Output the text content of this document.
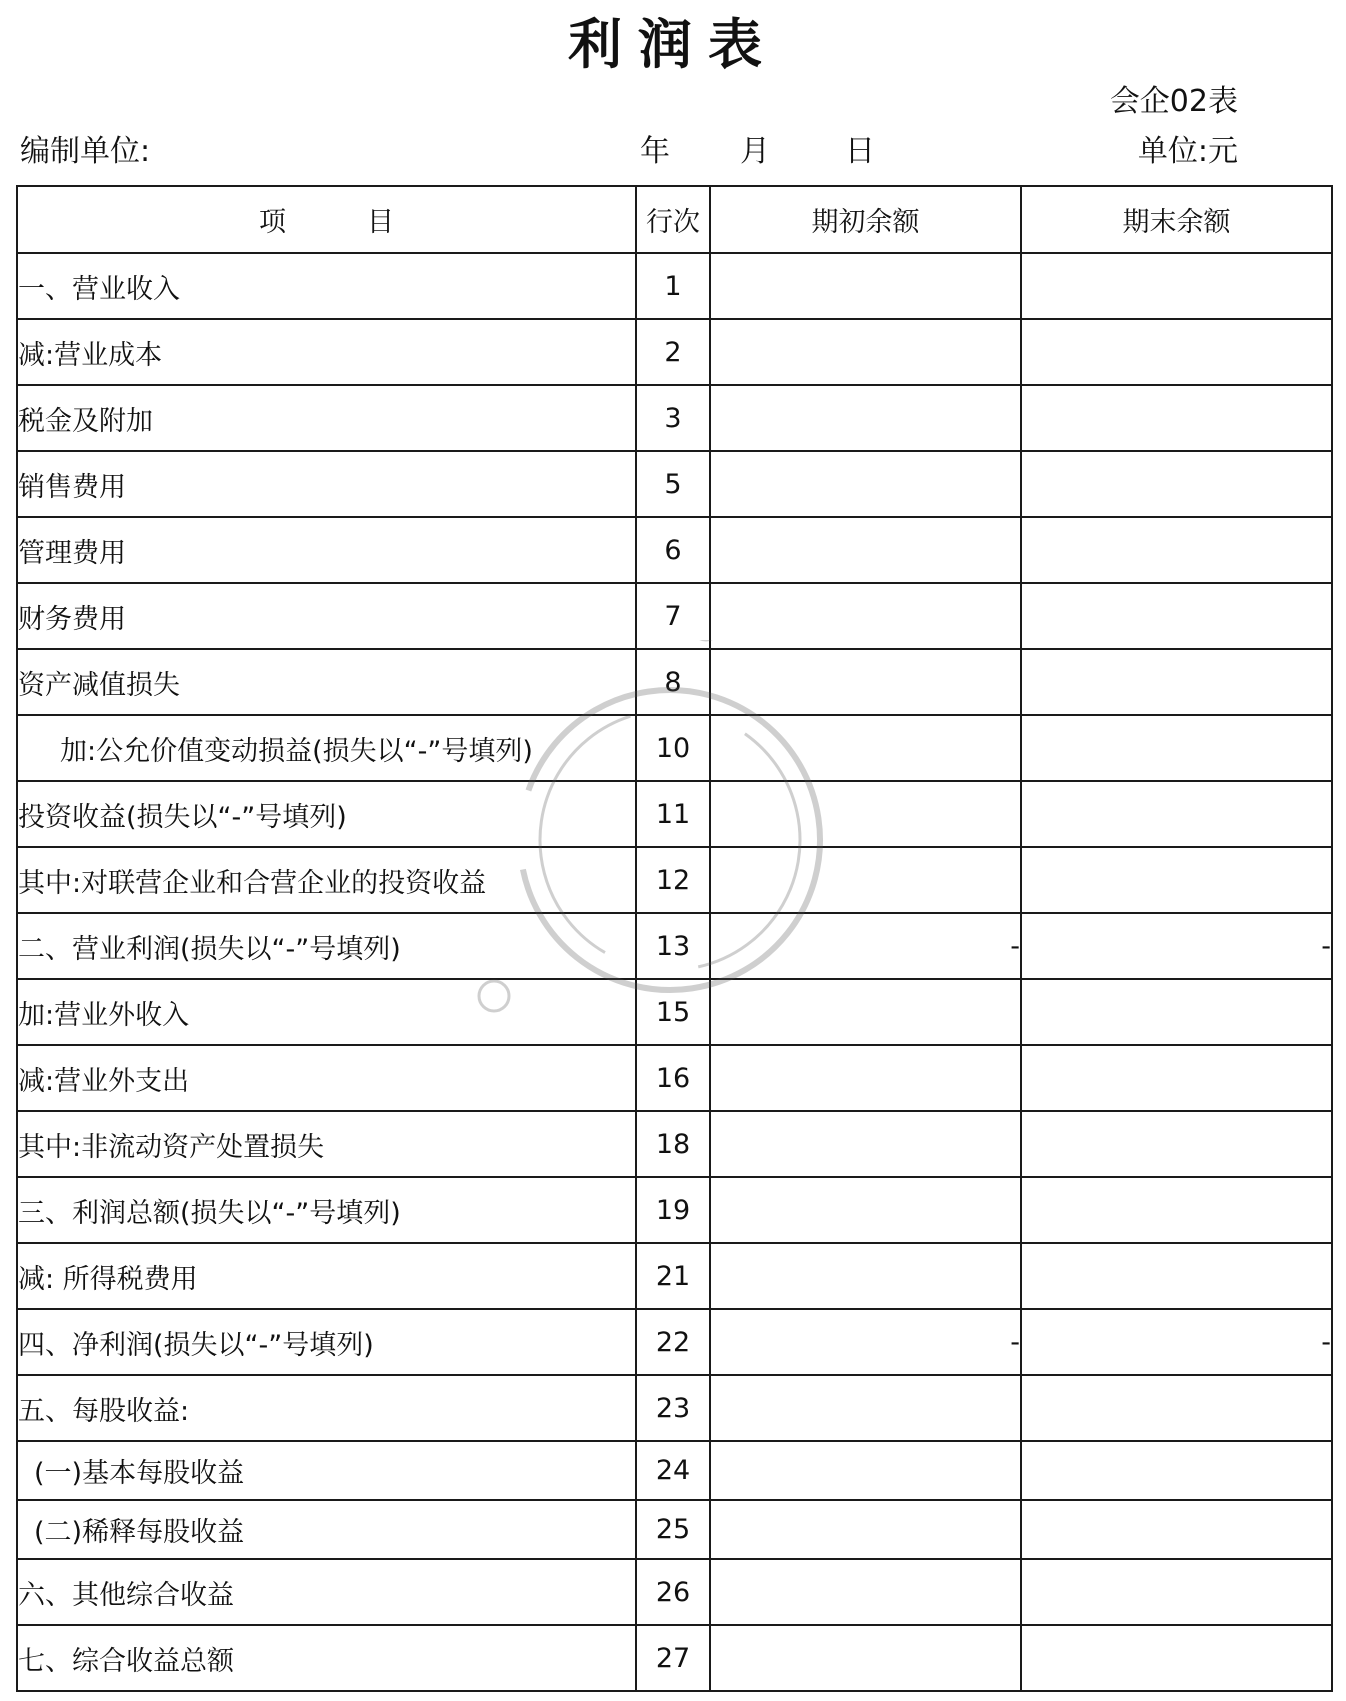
利润表
会企02表
编制单位:	年 月	日	单位:元
项　　　目	行次	期初余额	期末余额
一、营业收入	1		
减:营业成本	2		
税金及附加	3		
销售费用	5		
管理费用	6		
财务费用	7		
资产减值损失	8		
加:公允价值变动损益(损失以“-”号填列)	10		
投资收益(损失以“-”号填列)	11		
其中:对联营企业和合营企业的投资收益	12		
二、营业利润(损失以“-”号填列)	13	-	-
加:营业外收入	15		
减:营业外支出	16		
其中:非流动资产处置损失	18		
三、利润总额(损失以“-”号填列)	19		
减: 所得税费用	21		
四、净利润(损失以“-”号填列)	22	-	-
五、每股收益:	23		
(一)基本每股收益	24		
(二)稀释每股收益	25		
六、其他综合收益	26		
七、综合收益总额	27		
